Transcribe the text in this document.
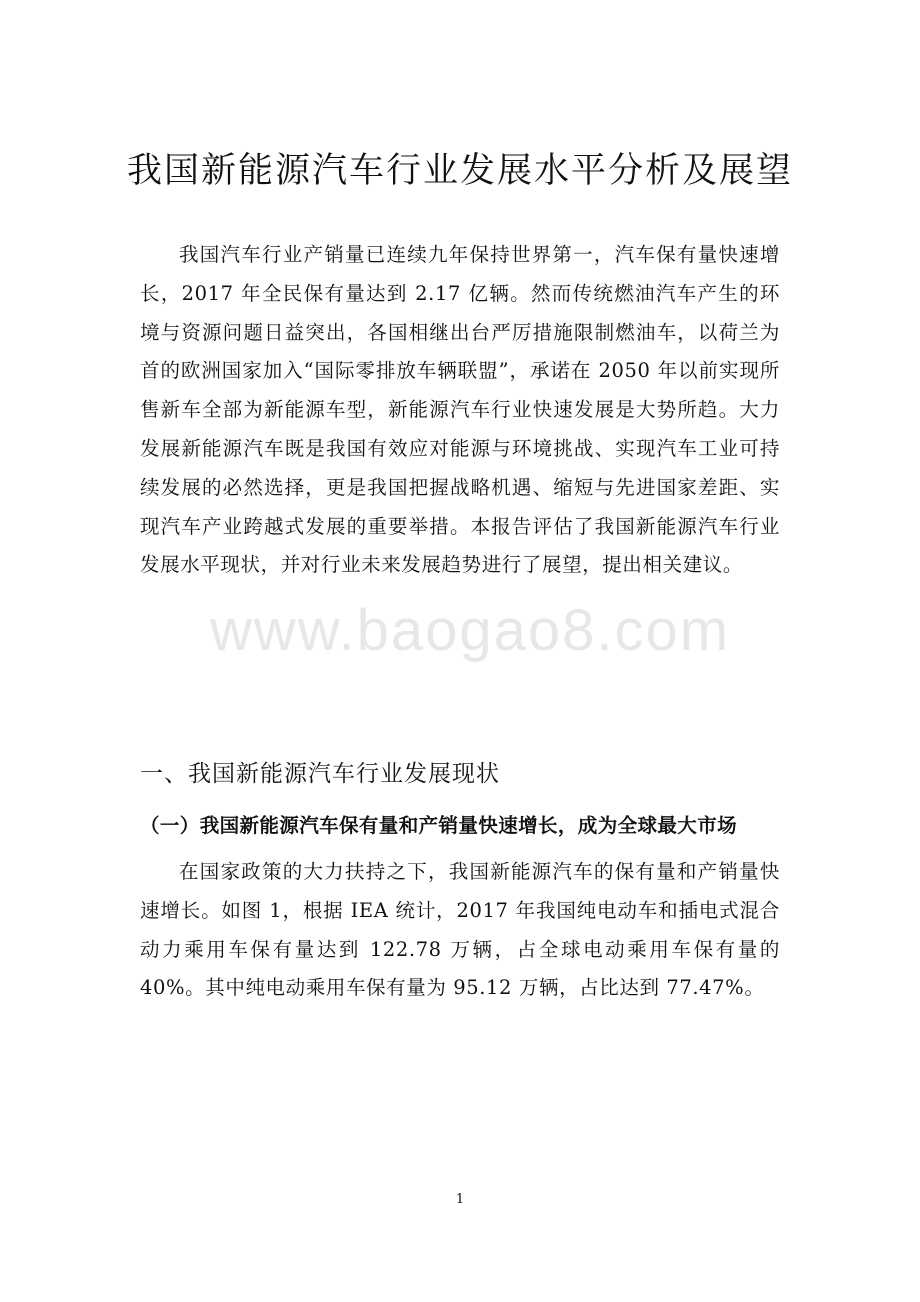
我国新能源汽车行业发展水平分析及展望

我国汽车行业产销量已连续九年保持世界第一，汽车保有量快速增长，2017 年全民保有量达到 2.17 亿辆。然而传统燃油汽车产生的环境与资源问题日益突出，各国相继出台严厉措施限制燃油车，以荷兰为首的欧洲国家加入“国际零排放车辆联盟”，承诺在 2050 年以前实现所售新车全部为新能源车型，新能源汽车行业快速发展是大势所趋。大力发展新能源汽车既是我国有效应对能源与环境挑战、实现汽车工业可持续发展的必然选择，更是我国把握战略机遇、缩短与先进国家差距、实现汽车产业跨越式发展的重要举措。本报告评估了我国新能源汽车行业发展水平现状，并对行业未来发展趋势进行了展望，提出相关建议。

www.baogao8.com
一、我国新能源汽车行业发展现状
（一）我国新能源汽车保有量和产销量快速增长，成为全球最大市场

在国家政策的大力扶持之下，我国新能源汽车的保有量和产销量快速增长。如图 1，根据 IEA 统计，2017 年我国纯电动车和插电式混合动力乘用车保有量达到 122.78 万辆，占全球电动乘用车保有量的 40%。其中纯电动乘用车保有量为 95.12 万辆，占比达到 77.47%。

1
